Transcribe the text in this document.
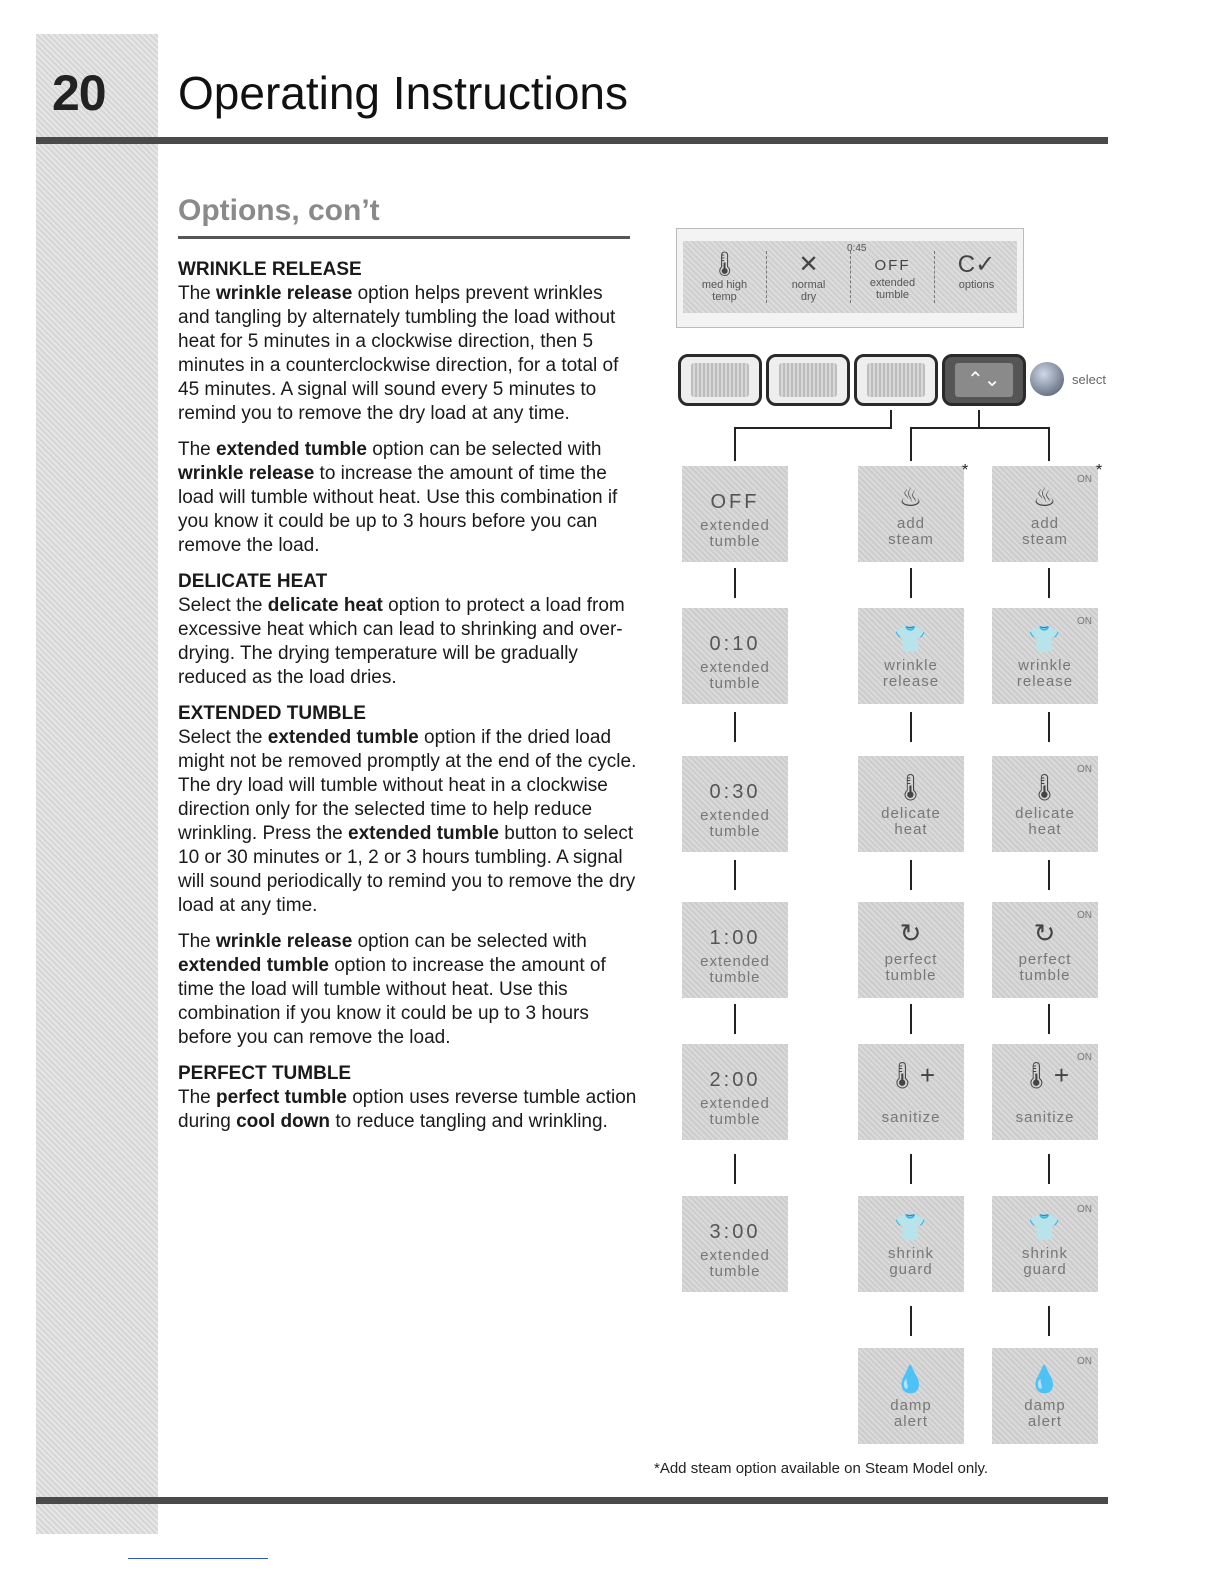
20 Operating Instructions
Options, con’t
WRINKLE RELEASE

The wrinkle release option helps prevent wrinkles and tangling by alternately tumbling the load without heat for 5 minutes in a clockwise direction, then 5 minutes in a counterclockwise direction, for a total of 45 minutes. A signal will sound every 5 minutes to remind you to remove the dry load at any time.

The extended tumble option can be selected with wrinkle release to increase the amount of time the load will tumble without heat. Use this combination if you know it could be up to 3 hours before you can remove the load.

DELICATE HEAT

Select the delicate heat option to protect a load from excessive heat which can lead to shrinking and over-drying. The drying temperature will be gradually reduced as the load dries.

EXTENDED TUMBLE

Select the extended tumble option if the dried load might not be removed promptly at the end of the cycle. The dry load will tumble without heat in a clockwise direction only for the selected time to help reduce wrinkling. Press the extended tumble button to select 10 or 30 minutes or 1, 2 or 3 hours tumbling. A signal will sound periodically to remind you to remove the dry load at any time.

The wrinkle release option can be selected with extended tumble option to increase the amount of time the load will tumble without heat. Use this combination if you know it could be up to 3 hours before you can remove the load.

PERFECT TUMBLE

The perfect tumble option uses reverse tumble action during cool down to reduce tangling and wrinkling.

0:45
🌡
med high
temp
✕
normal
dry
OFF
extended
tumble
C✓
options
⌃⌄	select
OFF
extended
tumble
0:10
extended
tumble
0:30
extended
tumble
1:00
extended
tumble
2:00
extended
tumble
3:00
extended
tumble
♨
add
steam
*
👕
wrinkle
release
🌡
delicate
heat
↻
perfect
tumble
🌡+
sanitize
👕
shrink
guard
💧
damp
alert
ON
♨
add
steam
*
ON
👕
wrinkle
release
ON
🌡
delicate
heat
ON
↻
perfect
tumble
ON
🌡+
sanitize
ON
👕
shrink
guard
ON
💧
damp
alert
*Add steam option available on Steam Model only.
